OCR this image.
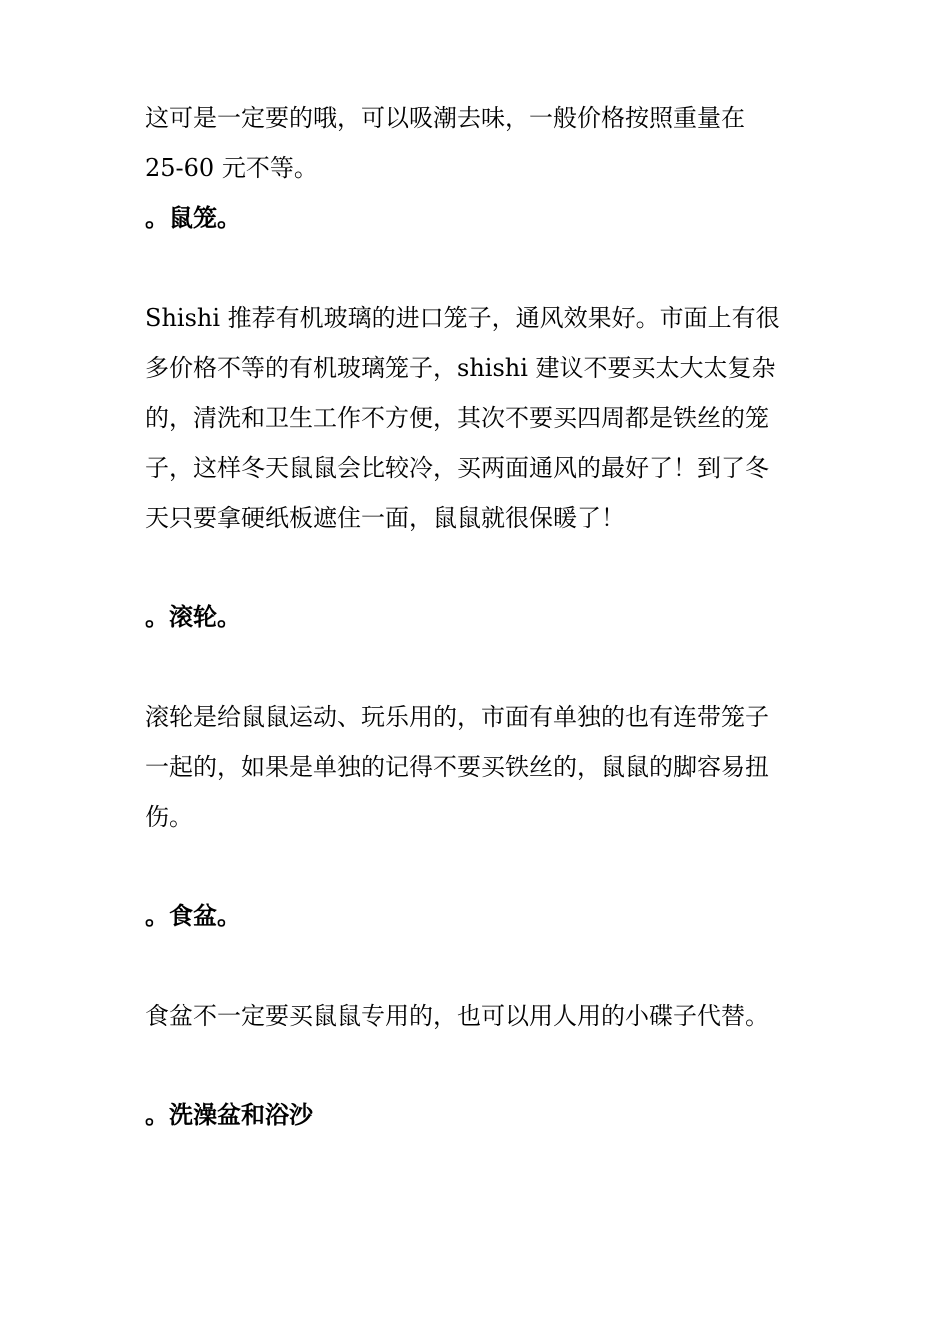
这可是一定要的哦，可以吸潮去味，一般价格按照重量在
25-60 元不等。
。鼠笼。
Shishi 推荐有机玻璃的进口笼子，通风效果好。市面上有很
多价格不等的有机玻璃笼子，shishi 建议不要买太大太复杂
的，清洗和卫生工作不方便，其次不要买四周都是铁丝的笼
子，这样冬天鼠鼠会比较冷，买两面通风的最好了！到了冬
天只要拿硬纸板遮住一面，鼠鼠就很保暖了！
。滚轮。
滚轮是给鼠鼠运动、玩乐用的，市面有单独的也有连带笼子
一起的，如果是单独的记得不要买铁丝的，鼠鼠的脚容易扭
伤。
。食盆。
食盆不一定要买鼠鼠专用的，也可以用人用的小碟子代替。
。洗澡盆和浴沙
